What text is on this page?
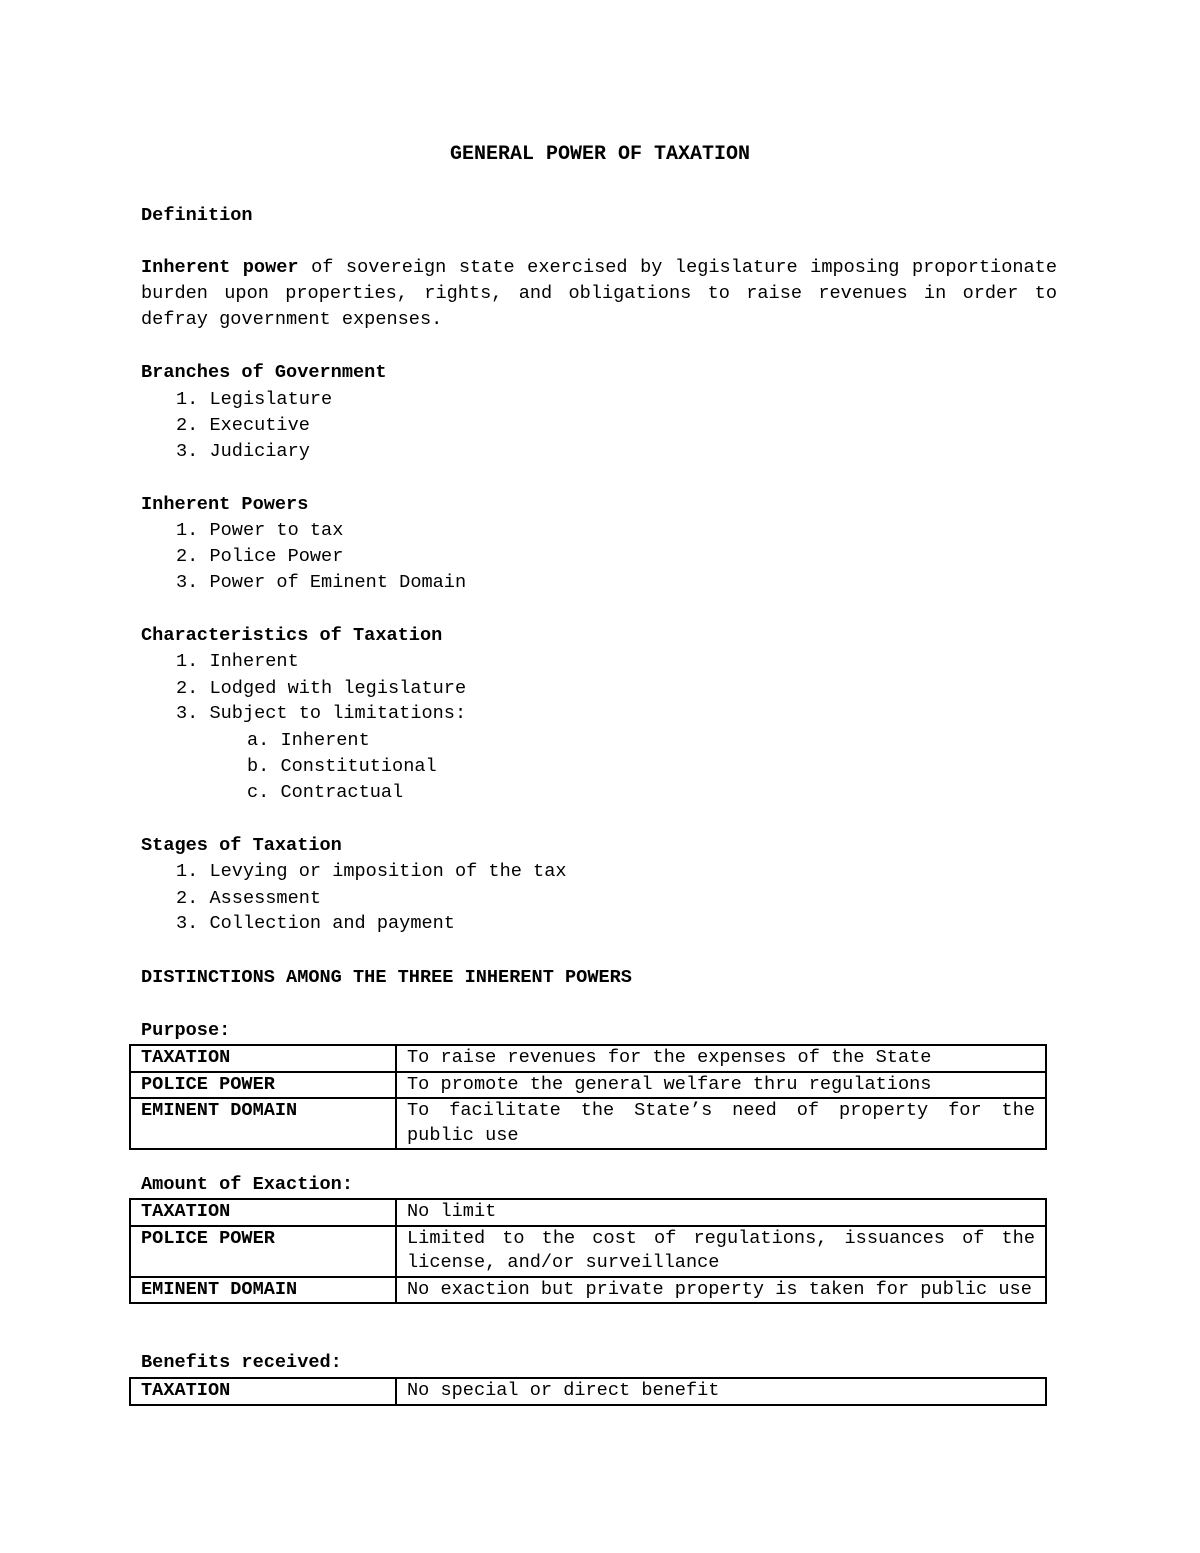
GENERAL POWER OF TAXATION
Definition
Inherent power of sovereign state exercised by legislature imposing proportionate burden upon properties, rights, and obligations to raise revenues in order to defray government expenses.
Branches of Government
1. Legislature
2. Executive
3. Judiciary
Inherent Powers
1. Power to tax
2. Police Power
3. Power of Eminent Domain
Characteristics of Taxation
1. Inherent
2. Lodged with legislature
3. Subject to limitations:
a. Inherent
b. Constitutional
c. Contractual
Stages of Taxation
1. Levying or imposition of the tax
2. Assessment
3. Collection and payment
DISTINCTIONS AMONG THE THREE INHERENT POWERS
Purpose:
TAXATION	To raise revenues for the expenses of the State
POLICE POWER	To promote the general welfare thru regulations
EMINENT DOMAIN	To facilitate the State’s need of property for the public use
Amount of Exaction:
TAXATION	No limit
POLICE POWER	Limited to the cost of regulations, issuances of the license, and/or surveillance
EMINENT DOMAIN	No exaction but private property is taken for public use
Benefits received:
TAXATION	No special or direct benefit
